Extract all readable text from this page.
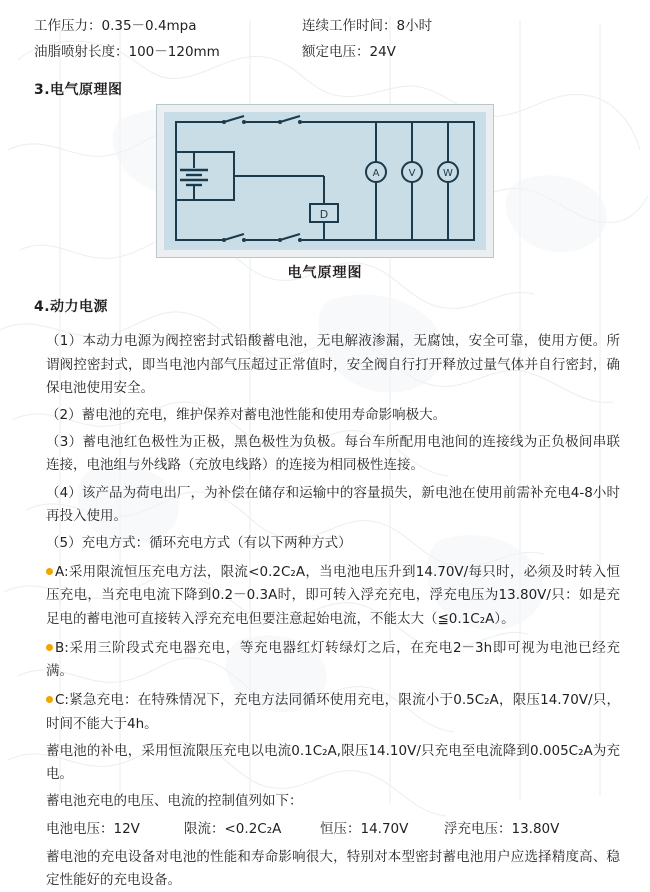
工作压力：0.35－0.4mpa	连续工作时间：8小时
油脂喷射长度：100－120mm	额定电压：24V
3.电气原理图
D
A	V	W
电气原理图
4.动力电源

（1）本动力电源为阀控密封式铅酸蓄电池，无电解液渗漏，无腐蚀，安全可靠，使用方便。所谓阀控密封式，即当电池内部气压超过正常值时，安全阀自行打开释放过量气体并自行密封，确保电池使用安全。

（2）蓄电池的充电，维护保养对蓄电池性能和使用寿命影响极大。

（3）蓄电池红色极性为正极，黑色极性为负极。每台车所配用电池间的连接线为正负极间串联连接，电池组与外线路（充放电线路）的连接为相同极性连接。

（4）该产品为荷电出厂，为补偿在储存和运输中的容量损失，新电池在使用前需补充电4-8小时再投入使用。

（5）充电方式：循环充电方式（有以下两种方式）

A:采用限流恒压充电方法，限流<0.2C₂A，当电池电压升到14.70V/每只时，必须及时转入恒压充电，当充电电流下降到0.2－0.3A时，即可转入浮充充电，浮充电压为13.80V/只：如是充足电的蓄电池可直接转入浮充充电但要注意起始电流，不能太大（≦0.1C₂A）。

B:采用三阶段式充电器充电，等充电器红灯转绿灯之后，在充电2－3h即可视为电池已经充满。

C:紧急充电：在特殊情况下，充电方法同循环使用充电，限流小于0.5C₂A，限压14.70V/只，时间不能大于4h。

蓄电池的补电，采用恒流限压充电以电流0.1C₂A,限压14.10V/只充电至电流降到0.005C₂A为充电。

蓄电池充电的电压、电流的控制值列如下：

电池电压：12V	限流：<0.2C₂A	恒压：14.70V	浮充电压：13.80V

蓄电池的充电设备对电池的性能和寿命影响很大，特别对本型密封蓄电池用户应选择精度高、稳定性能好的充电设备。
